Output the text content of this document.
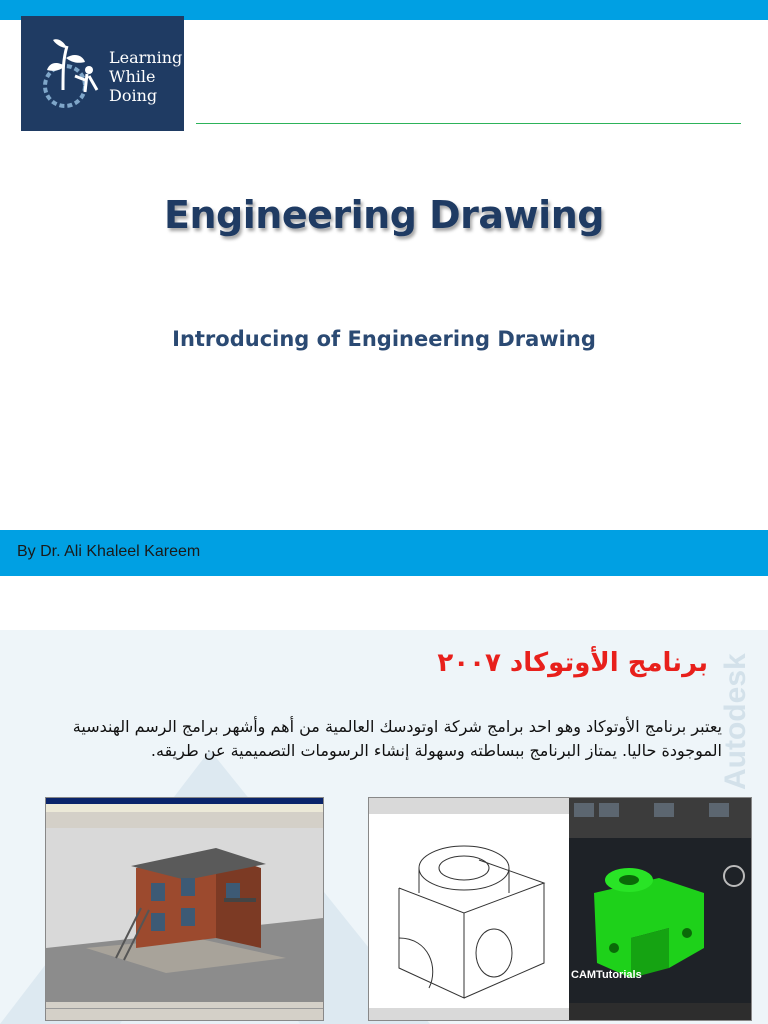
Learning
While
Doing
Engineering Drawing
Introducing of Engineering Drawing
By Dr. Ali Khaleel Kareem
Autodesk
برنامج الأوتوكاد ٢٠٠٧
يعتبر برنامج الأوتوكاد وهو احد برامج شركة اوتودسك العالمية من أهم وأشهر برامج الرسم الهندسية الموجودة حاليا. يمتاز البرنامج ببساطته وسهولة إنشاء الرسومات التصميمية عن طريقه.
CAMTutorials
